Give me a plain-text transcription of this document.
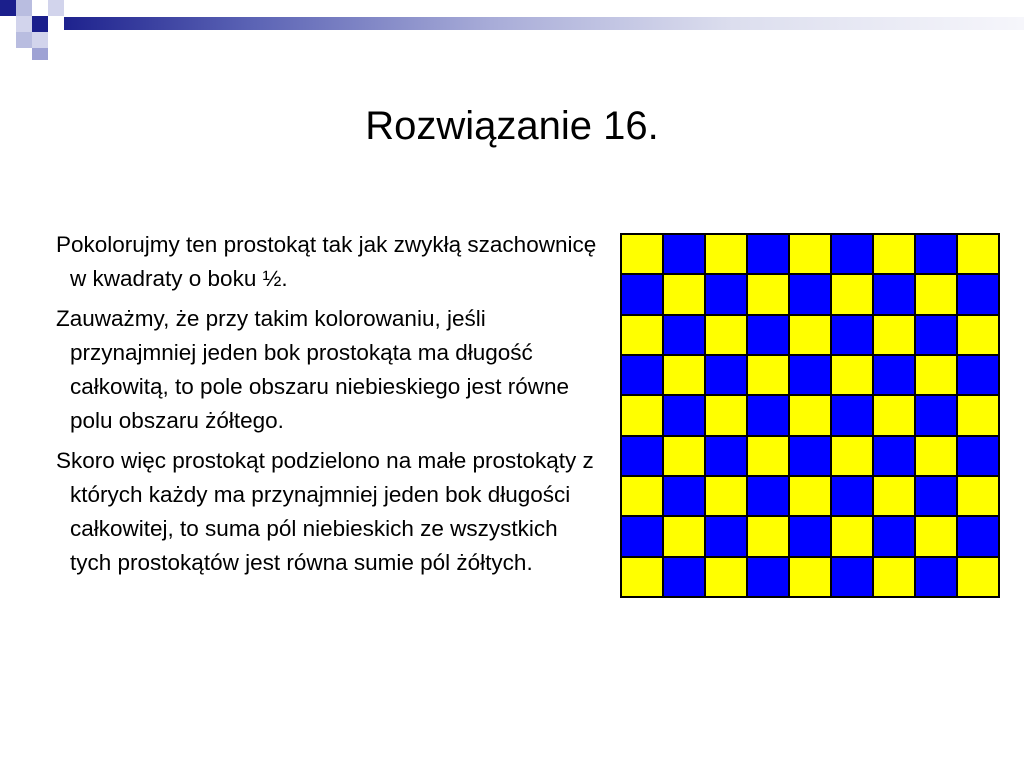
Rozwiązanie 16.

Pokolorujmy ten prostokąt tak jak zwykłą szachownicę w kwadraty o boku ½.

Zauważmy, że przy takim kolorowaniu, jeśli przynajmniej jeden bok prostokąta ma długość całkowitą, to pole obszaru niebieskiego jest równe polu obszaru żółtego.

Skoro więc prostokąt podzielono na małe prostokąty z których każdy ma przynajmniej jeden bok długości całkowitej, to suma pól niebieskich ze wszystkich tych prostokątów jest równa sumie pól żółtych.
